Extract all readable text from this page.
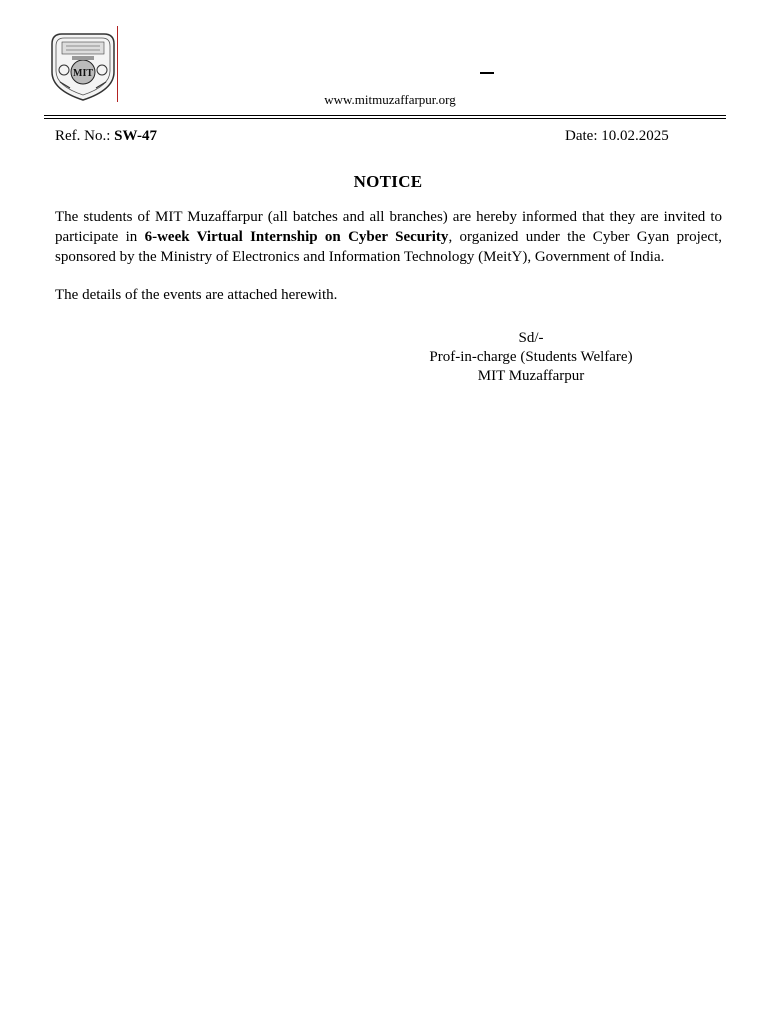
MIT
www.mitmuzaffarpur.org
Ref. No.: SW-47	Date: 10.02.2025
NOTICE
The students of MIT Muzaffarpur (all batches and all branches) are hereby informed that they are invited to participate in 6-week Virtual Internship on Cyber Security, organized under the Cyber Gyan project, sponsored by the Ministry of Electronics and Information Technology (MeitY), Government of India.
The details of the events are attached herewith.
Sd/-
Prof-in-charge (Students Welfare)
MIT Muzaffarpur
